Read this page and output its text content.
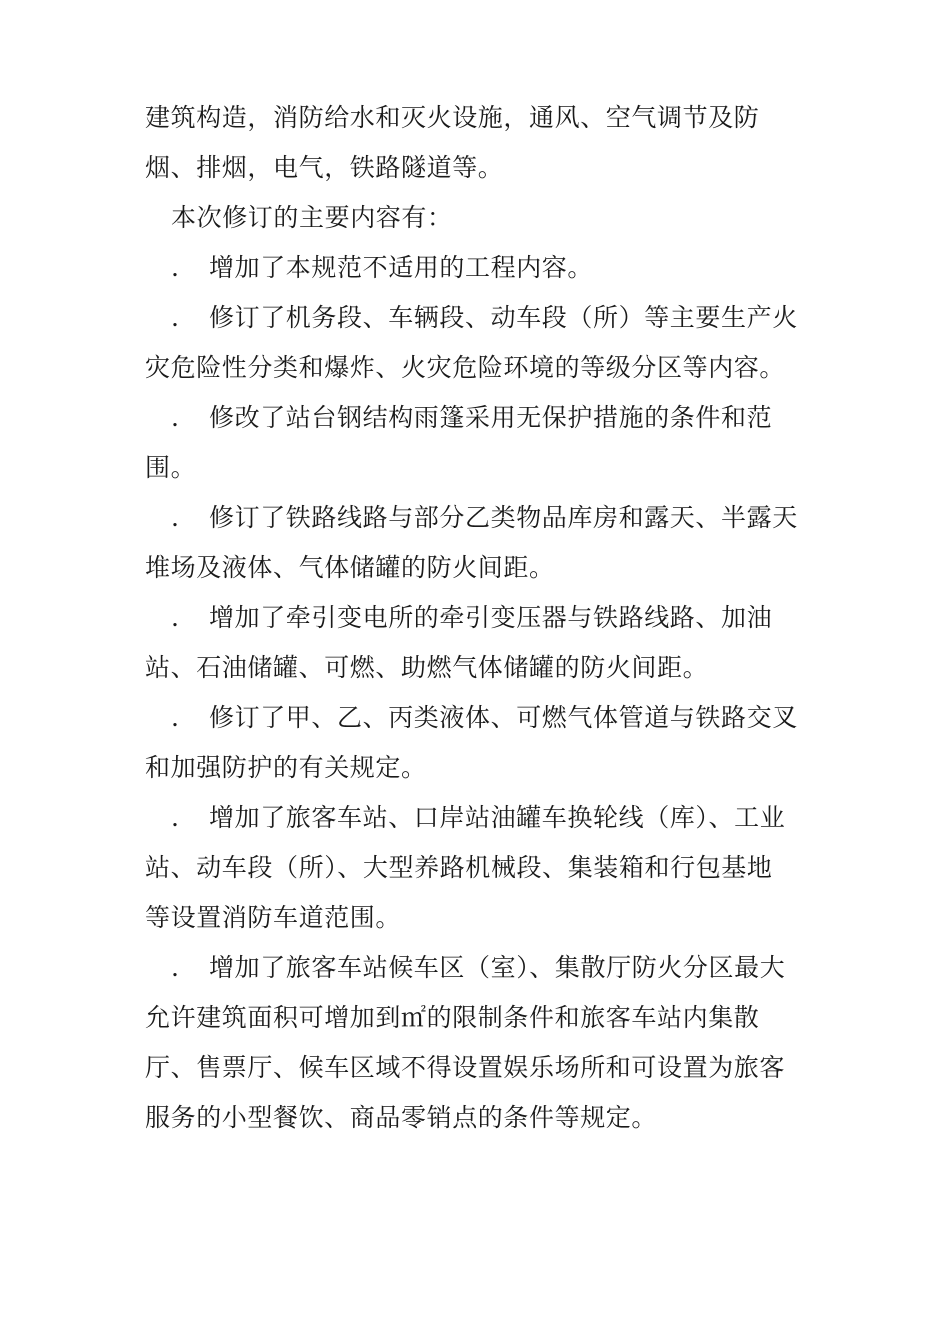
建筑构造，消防给水和灭火设施，通风、空气调节及防
烟、排烟，电气，铁路隧道等。
本次修订的主要内容有：
. 增加了本规范不适用的工程内容。
. 修订了机务段、车辆段、动车段（所）等主要生产火
灾危险性分类和爆炸、火灾危险环境的等级分区等内容。
. 修改了站台钢结构雨篷采用无保护措施的条件和范
围。
. 修订了铁路线路与部分乙类物品库房和露天、半露天
堆场及液体、气体储罐的防火间距。
. 增加了牵引变电所的牵引变压器与铁路线路、加油
站、石油储罐、可燃、助燃气体储罐的防火间距。
. 修订了甲、乙、丙类液体、可燃气体管道与铁路交叉
和加强防护的有关规定。
. 增加了旅客车站、口岸站油罐车换轮线（库）、工业
站、动车段（所）、大型养路机械段、集装箱和行包基地
等设置消防车道范围。
. 增加了旅客车站候车区（室）、集散厅防火分区最大
允许建筑面积可增加到㎡的限制条件和旅客车站内集散
厅、售票厅、候车区域不得设置娱乐场所和可设置为旅客
服务的小型餐饮、商品零销点的条件等规定。
